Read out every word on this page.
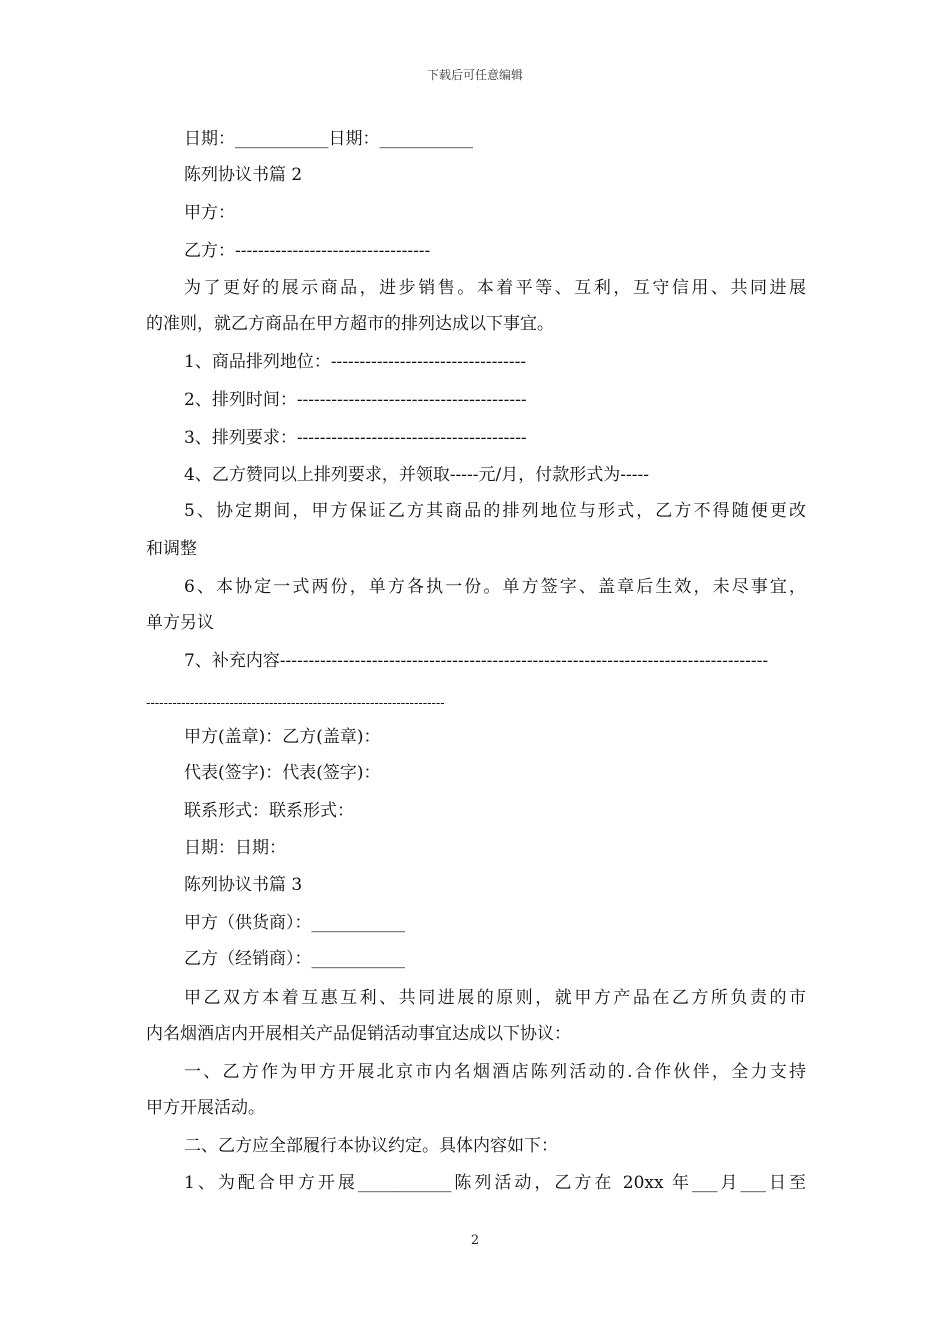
下载后可任意编辑
日期：___________日期：___________
陈列协议书篇 2
甲方：
乙方：----------------------------------
为了更好的展示商品，进步销售。本着平等、互利，互守信用、共同进展
的准则，就乙方商品在甲方超市的排列达成以下事宜。
1、商品排列地位：----------------------------------
2、排列时间：----------------------------------------
3、排列要求：----------------------------------------
4、乙方赞同以上排列要求，并领取-----元/月，付款形式为-----
5、协定期间，甲方保证乙方其商品的排列地位与形式，乙方不得随便更改
和调整
6、本协定一式两份，单方各执一份。单方签字、盖章后生效，未尽事宜，
单方另议
7、补充内容-------------------------------------------------------------------------------------
--------------------------------------------------------------------
甲方(盖章)：乙方(盖章)：
代表(签字)：代表(签字)：
联系形式：联系形式：
日期：日期：
陈列协议书篇 3
甲方（供货商）：___________
乙方（经销商）：___________
甲乙双方本着互惠互利、共同进展的原则，就甲方产品在乙方所负责的市
内名烟酒店内开展相关产品促销活动事宜达成以下协议：
一、乙方作为甲方开展北京市内名烟酒店陈列活动的.合作伙伴，全力支持
甲方开展活动。
二、乙方应全部履行本协议约定。具体内容如下：
1、为配合甲方开展___________陈列活动，乙方在 20xx 年___月___日至
2
